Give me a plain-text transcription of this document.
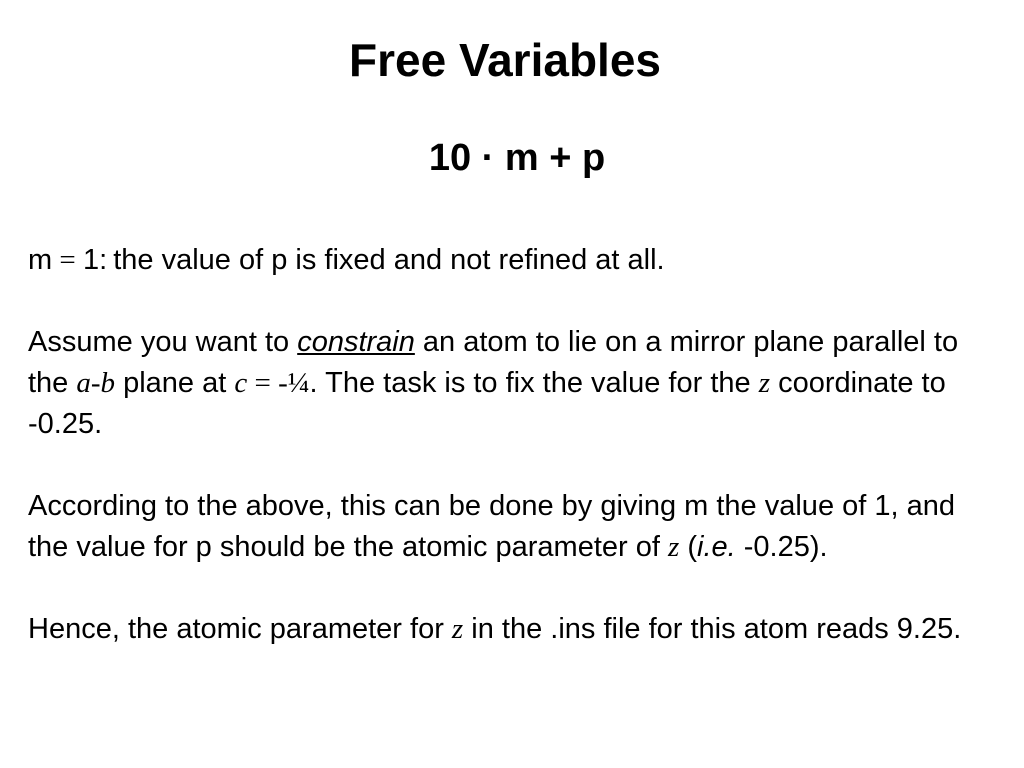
Free Variables
10 · m + p

m = 1: the value of p is fixed and not refined at all.

Assume you want to constrain an atom to lie on a mirror plane parallel to the a-b plane at c = -¼. The task is to fix the value for the z coordinate to -0.25.

According to the above, this can be done by giving m the value of 1, and the value for p should be the atomic parameter of z (i.e. -0.25).

Hence, the atomic parameter for z in the .ins file for this atom reads 9.25.
